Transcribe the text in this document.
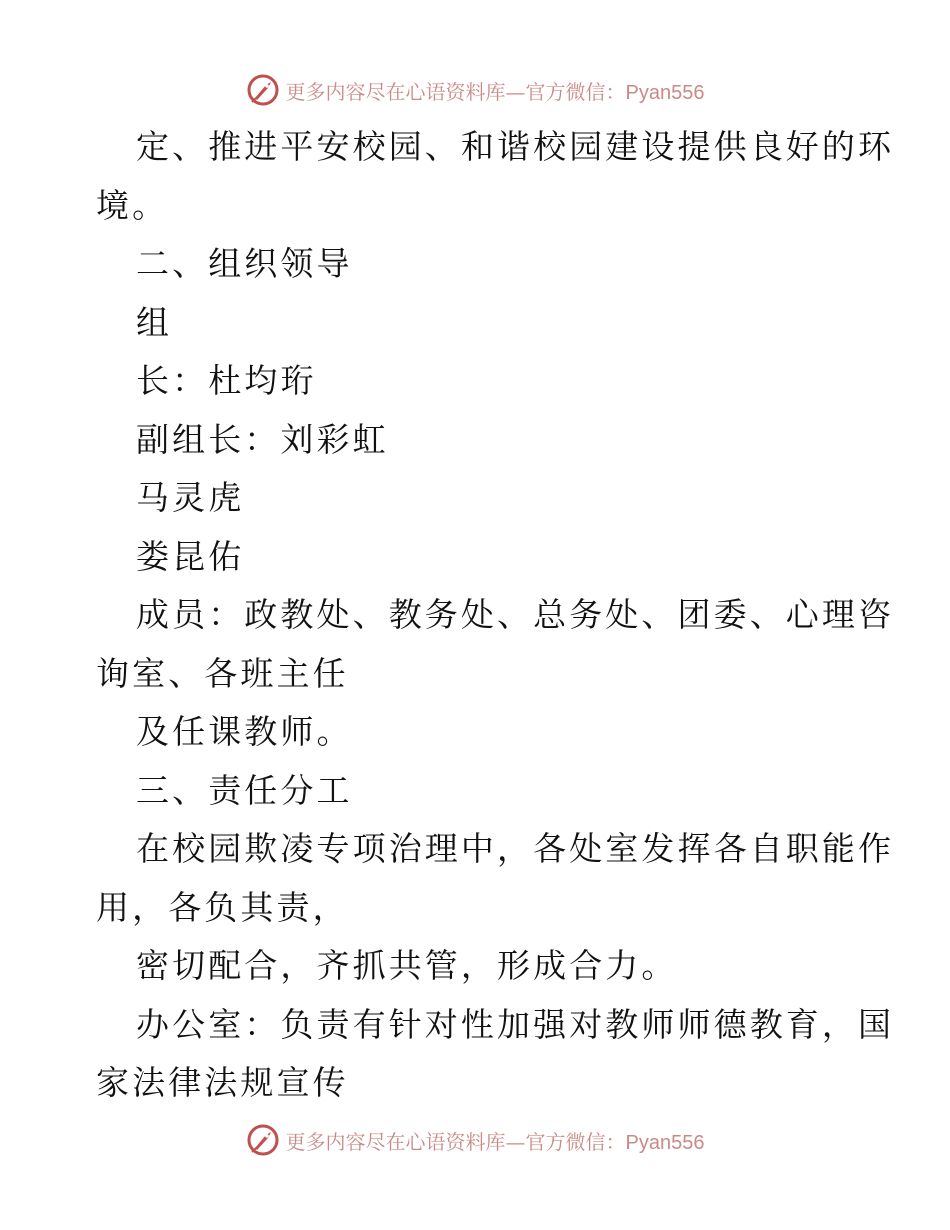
更多内容尽在心语资料库—官方微信：Pyan556
定、推进平安校园、和谐校园建设提供良好的环
境。
二、组织领导
组
长：杜均珩
副组长：刘彩虹
马灵虎
娄昆佑
成员：政教处、教务处、总务处、团委、心理咨
询室、各班主任
及任课教师。
三、责任分工
在校园欺凌专项治理中，各处室发挥各自职能作
用，各负其责，
密切配合，齐抓共管，形成合力。
办公室：负责有针对性加强对教师师德教育，国
家法律法规宣传
更多内容尽在心语资料库—官方微信：Pyan556
